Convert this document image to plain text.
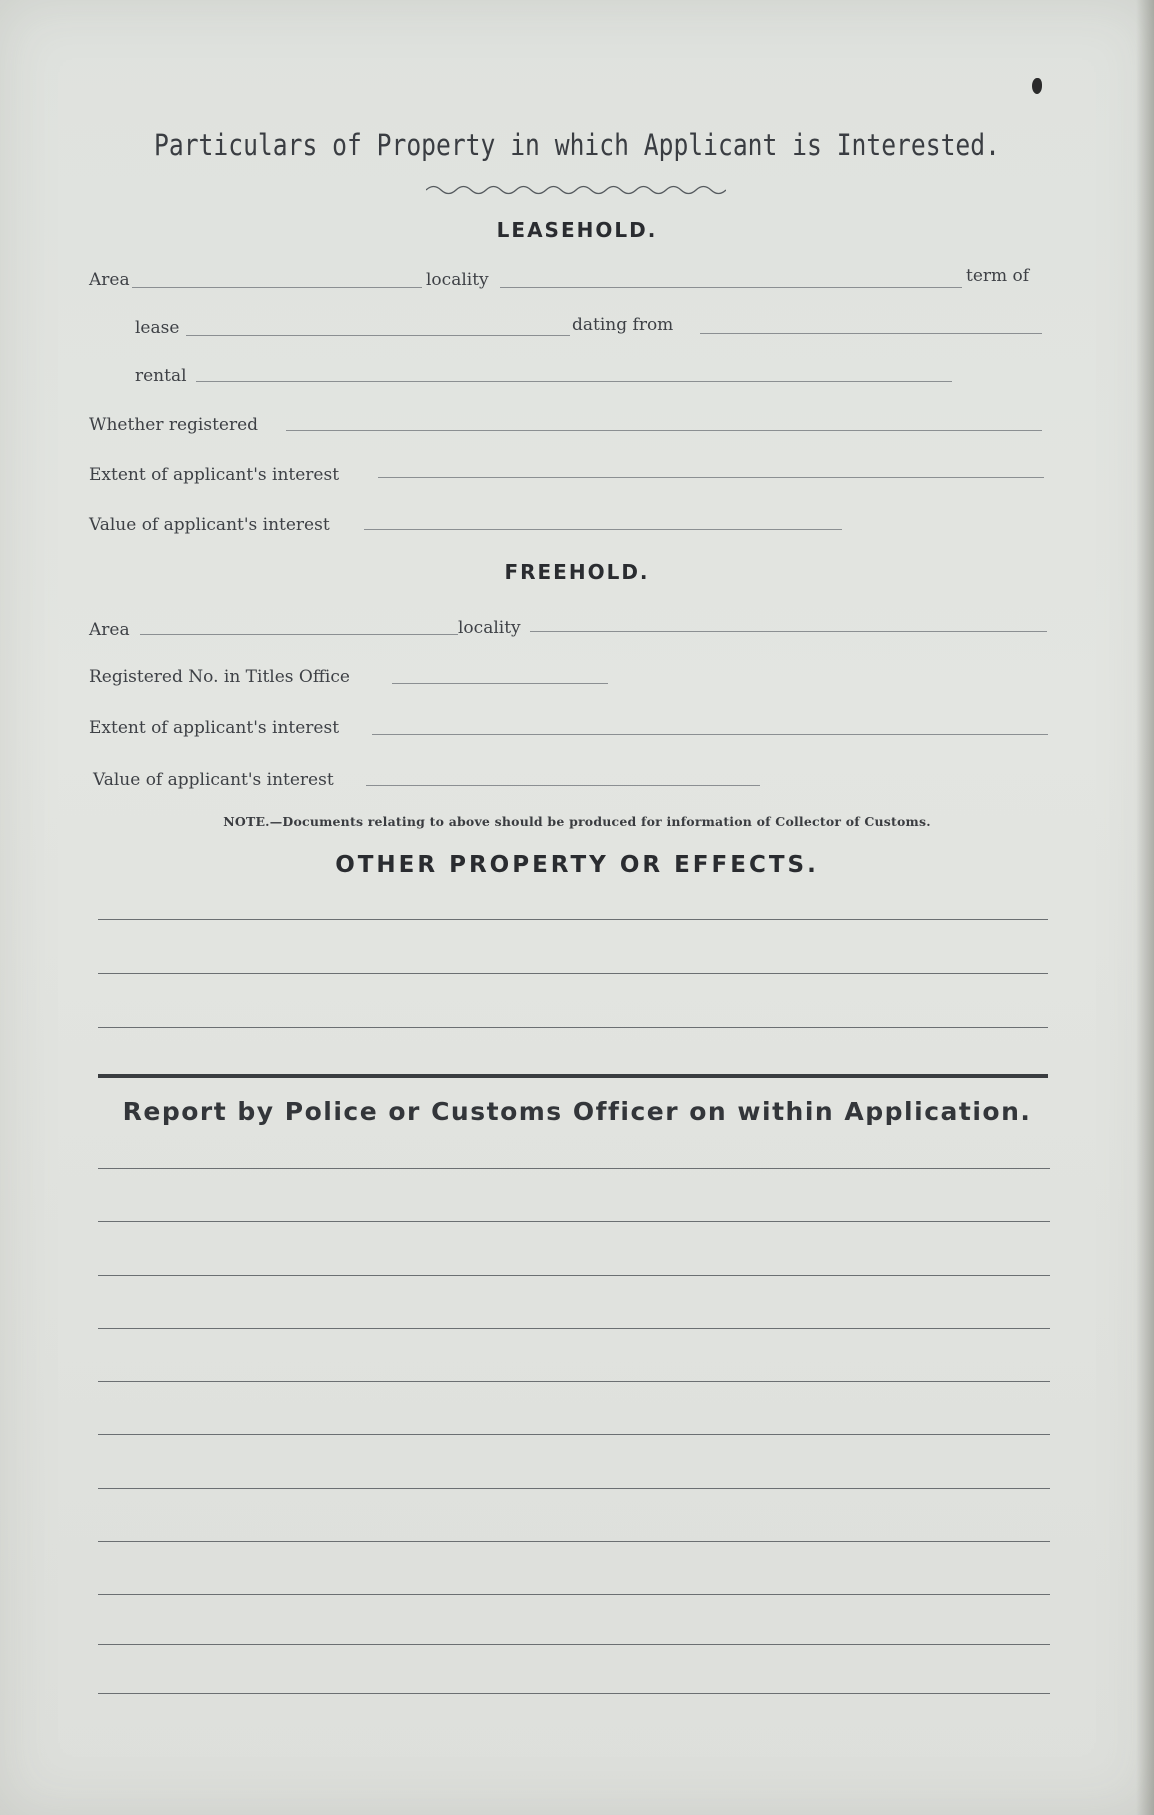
Particulars of Property in which Applicant is Interested.
LEASEHOLD.
Area	locality	term of
lease	dating from
rental
Whether registered
Extent of applicant's interest
Value of applicant's interest
FREEHOLD.
Area	locality
Registered No. in Titles Office
Extent of applicant's interest
Value of applicant's interest
NOTE.—Documents relating to above should be produced for information of Collector of Customs.
OTHER PROPERTY OR EFFECTS.
Report by Police or Customs Officer on within Application.
